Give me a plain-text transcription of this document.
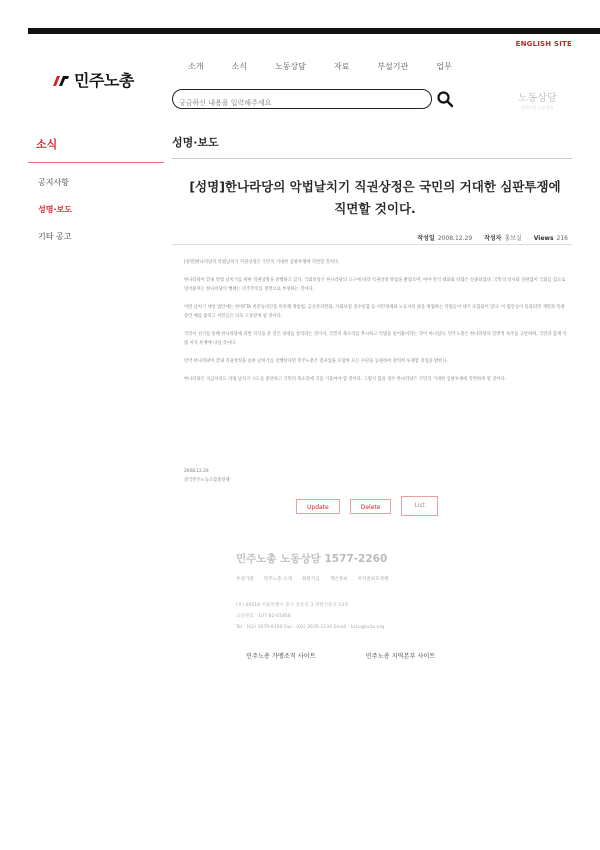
ENGLISH SITE
민주노총
소개	소식	노동상담	자료	부설기관	업무
궁금하신 내용을 입력해주세요
노동상담
민주노총 노동상담
소식
공지사항
성명·보도
기타 공고
성명·보도
[성명]한나라당의 악법날치기 직권상정은 국민의 거대한 심판투쟁에
직면할 것이다.
작성일 2008.12.29 작성자 홍보실 Views 216

[성명]한나라당의 악법날치기 직권상정은 국민의 거대한 심판투쟁에 직면할 것이다.

한나라당이 끝내 악법 날치기를 위한 직권상정을 강행하고 있다. 국회의장은 한나라당의 요구에 따라 직권상정 방침을 밝혔으며, 여야 간의 대화와 타협은 실종되었다. 국민의 의사와 상관없이 국회를 힘으로 밀어붙이는 한나라당의 행태는 민주주의를 정면으로 부정하는 것이다.

이번 날치기 대상 법안에는 한미FTA 비준동의안을 비롯해 방송법, 금산분리완화, 사회보험 징수통합 등 서민경제와 노동자의 삶을 위협하는 악법들이 대거 포함되어 있다. 이 법안들이 통과되면 재벌과 특권층만 배를 불리고 서민들은 더욱 고통받게 될 것이다.

국민이 선거를 통해 한나라당에 과반 의석을 준 것은 경제를 살리라는 것이지, 국민의 목소리를 무시하고 악법을 밀어붙이라는 것이 아니었다. 민주노총은 한나라당의 일방적 독주를 규탄하며, 국민과 함께 악법 저지 투쟁에 나설 것이다.

만약 한나라당이 끝내 직권상정을 통한 날치기를 강행한다면 민주노총은 총파업을 포함한 모든 수단을 동원하여 강력히 투쟁할 것임을 밝힌다.

한나라당은 지금이라도 악법 날치기 시도를 중단하고 국민의 목소리에 귀를 기울여야 할 것이다. 그렇지 않을 경우 한나라당은 국민의 거대한 심판투쟁에 직면하게 될 것이다.

2008.12.29
전국민주노동조합총연맹
Update	Delete	List
민주노총 노동상담 1577-2260
부설기관 민주노총 소개 회원가입 개인정보 저작권보호정책
(우) 04518 서울특별시 중구 정동길 3 경향신문사 13층
고유번호 : 107-82-61858
Tel : (02) 2670-9100 Fax : (02) 2635-1134 Email : kctu@kctu.org
민주노총 가맹조직 사이트	민주노총 지역본부 사이트
